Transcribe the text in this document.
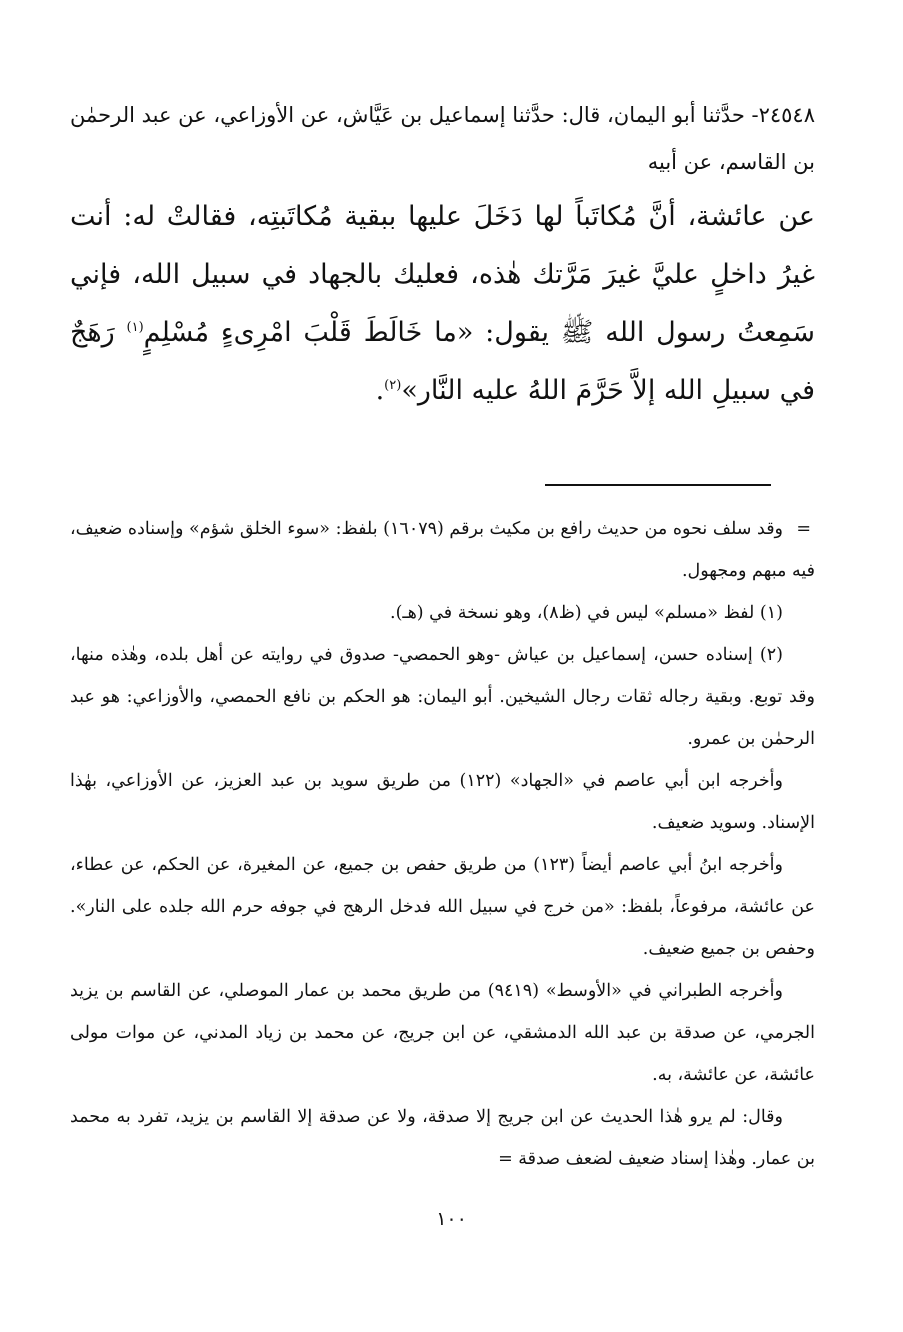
٢٤٥٤٨- حدَّثنا أبو اليمان، قال: حدَّثنا إسماعيل بن عَيَّاش، عن الأوزاعي، عن عبد الرحمٰن بن القاسم، عن أبيه

عن عائشة، أنَّ مُكاتَباً لها دَخَلَ عليها ببقية مُكاتَبتِه، فقالتْ له: أنت غيرُ داخلٍ عليَّ غيرَ مَرَّتك هٰذه، فعليك بالجهاد في سبيل الله، فإني سَمِعتُ رسول الله ﷺ يقول: «ما خَالَطَ قَلْبَ امْرِىءٍ مُسْلِمٍ$^{(١)}$ رَهَجٌ في سبيلِ الله إلاَّ حَرَّمَ اللهُ عليه النَّار»$^{(٢)}$.

=
وقد سلف نحوه من حديث رافع بن مكيث برقم (١٦٠٧٩) بلفظ: «سوء الخلق شؤم» وإسناده ضعيف، فيه مبهم ومجهول.

(١) لفظ «مسلم» ليس في (ظ٨)، وهو نسخة في (هـ).

(٢) إسناده حسن، إسماعيل بن عياش -وهو الحمصي- صدوق في روايته عن أهل بلده، وهٰذه منها، وقد توبع. وبقية رجاله ثقات رجال الشيخين. أبو اليمان: هو الحكم بن نافع الحمصي، والأوزاعي: هو عبد الرحمٰن بن عمرو.

وأخرجه ابن أبي عاصم في «الجهاد» (١٢٢) من طريق سويد بن عبد العزيز، عن الأوزاعي، بهٰذا الإسناد. وسويد ضعيف.

وأخرجه ابنُ أبي عاصم أيضاً (١٢٣) من طريق حفص بن جميع، عن المغيرة، عن الحكم، عن عطاء، عن عائشة، مرفوعاً، بلفظ: «من خرج في سبيل الله فدخل الرهج في جوفه حرم الله جلده على النار». وحفص بن جميع ضعيف.

وأخرجه الطبراني في «الأوسط» (٩٤١٩) من طريق محمد بن عمار الموصلي، عن القاسم بن يزيد الجرمي، عن صدقة بن عبد الله الدمشقي، عن ابن جريج، عن محمد بن زياد المدني، عن موات مولى عائشة، عن عائشة، به.

وقال: لم يرو هٰذا الحديث عن ابن جريج إلا صدقة، ولا عن صدقة إلا القاسم بن يزيد، تفرد به محمد بن عمار. وهٰذا إسناد ضعيف لضعف صدقة =

١٠٠
